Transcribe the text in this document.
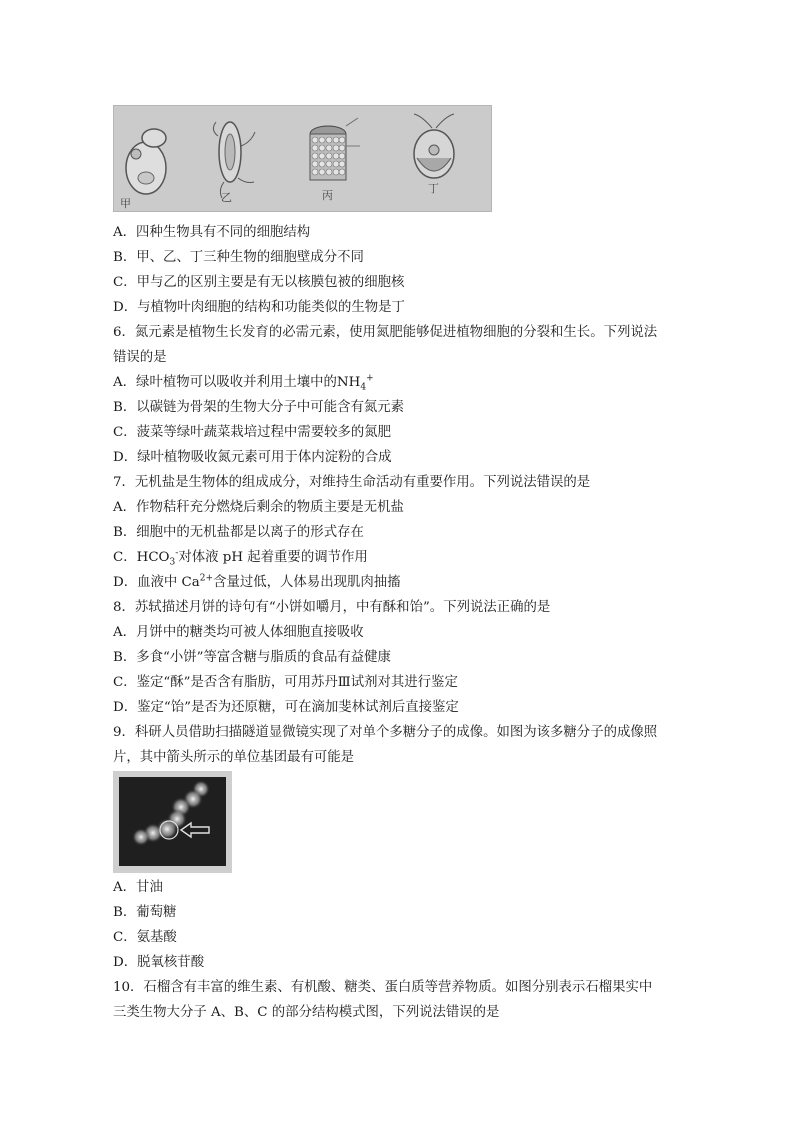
甲	乙	丙
丁
A．四种生物具有不同的细胞结构
B．甲、乙、丁三种生物的细胞壁成分不同
C．甲与乙的区别主要是有无以核膜包被的细胞核
D．与植物叶肉细胞的结构和功能类似的生物是丁
6．氮元素是植物生长发育的必需元素，使用氮肥能够促进植物细胞的分裂和生长。下列说法
错误的是
A．绿叶植物可以吸收并利用土壤中的$NH_4^+$
B．以碳链为骨架的生物大分子中可能含有氮元素
C．菠菜等绿叶蔬菜栽培过程中需要较多的氮肥
D．绿叶植物吸收氮元素可用于体内淀粉的合成
7．无机盐是生物体的组成成分，对维持生命活动有重要作用。下列说法错误的是
A．作物秸秆充分燃烧后剩余的物质主要是无机盐
B．细胞中的无机盐都是以离子的形式存在
C．$HCO_3^-$对体液 pH 起着重要的调节作用
D．血液中 $Ca^{2+}$含量过低，人体易出现肌肉抽搐
8．苏轼描述月饼的诗句有“小饼如嚼月，中有酥和饴”。下列说法正确的是
A．月饼中的糖类均可被人体细胞直接吸收
B．多食“小饼”等富含糖与脂质的食品有益健康
C．鉴定“酥”是否含有脂肪，可用苏丹Ⅲ试剂对其进行鉴定
D．鉴定“饴”是否为还原糖，可在滴加斐林试剂后直接鉴定
9．科研人员借助扫描隧道显微镜实现了对单个多糖分子的成像。如图为该多糖分子的成像照
片，其中箭头所示的单位基团最有可能是
A．甘油
B．葡萄糖
C．氨基酸
D．脱氧核苷酸
10．石榴含有丰富的维生素、有机酸、糖类、蛋白质等营养物质。如图分别表示石榴果实中
三类生物大分子 A、B、C 的部分结构模式图，下列说法错误的是
